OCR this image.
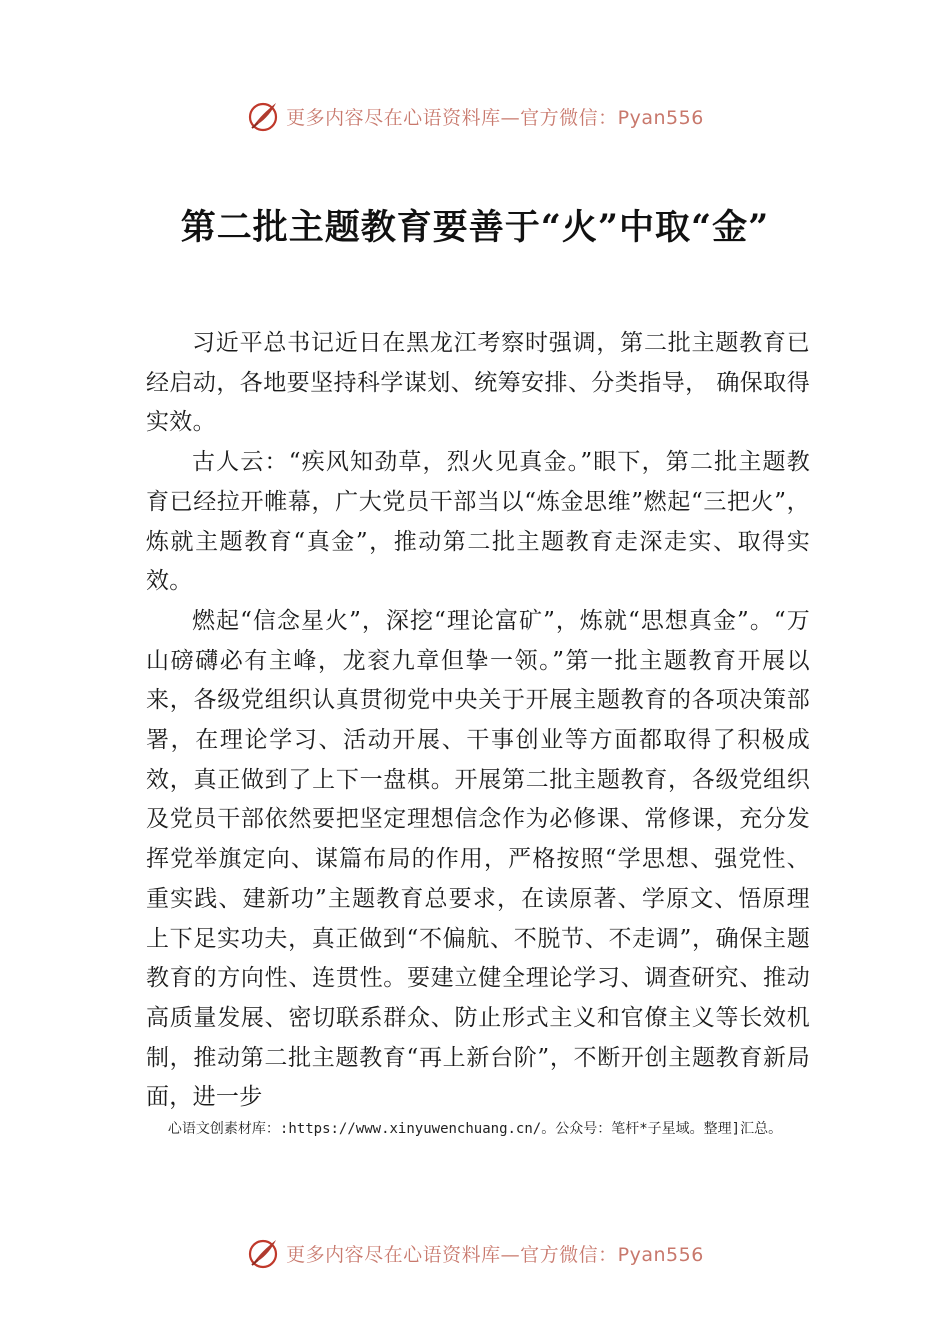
更多内容尽在心语资料库—官方微信：Pyan556
第二批主题教育要善于“火”中取“金”

习近平总书记近日在黑龙江考察时强调，第二批主题教育已经启动，各地要坚持科学谋划、统筹安排、分类指导， 确保取得实效。

古人云：“疾风知劲草，烈火见真金。”眼下，第二批主题教育已经拉开帷幕，广大党员干部当以“炼金思维”燃起“三把火”，炼就主题教育“真金”，推动第二批主题教育走深走实、取得实效。

燃起“信念星火”，深挖“理论富矿”，炼就“思想真金”。“万山磅礴必有主峰，龙衮九章但挚一领。”第一批主题教育开展以来，各级党组织认真贯彻党中央关于开展主题教育的各项决策部署，在理论学习、活动开展、干事创业等方面都取得了积极成效，真正做到了上下一盘棋。开展第二批主题教育，各级党组织及党员干部依然要把坚定理想信念作为必修课、常修课，充分发挥党举旗定向、谋篇布局的作用，严格按照“学思想、强党性、重实践、建新功”主题教育总要求，在读原著、学原文、悟原理上下足实功夫，真正做到“不偏航、不脱节、不走调”，确保主题教育的方向性、连贯性。要建立健全理论学习、调查研究、推动高质量发展、密切联系群众、防止形式主义和官僚主义等长效机制，推动第二批主题教育“再上新台阶”，不断开创主题教育新局面，进一步

心语文创素材库：:https://www.xinyuwenchuang.cn/。公众号：笔杆*子星域。整理]汇总。
更多内容尽在心语资料库—官方微信：Pyan556
